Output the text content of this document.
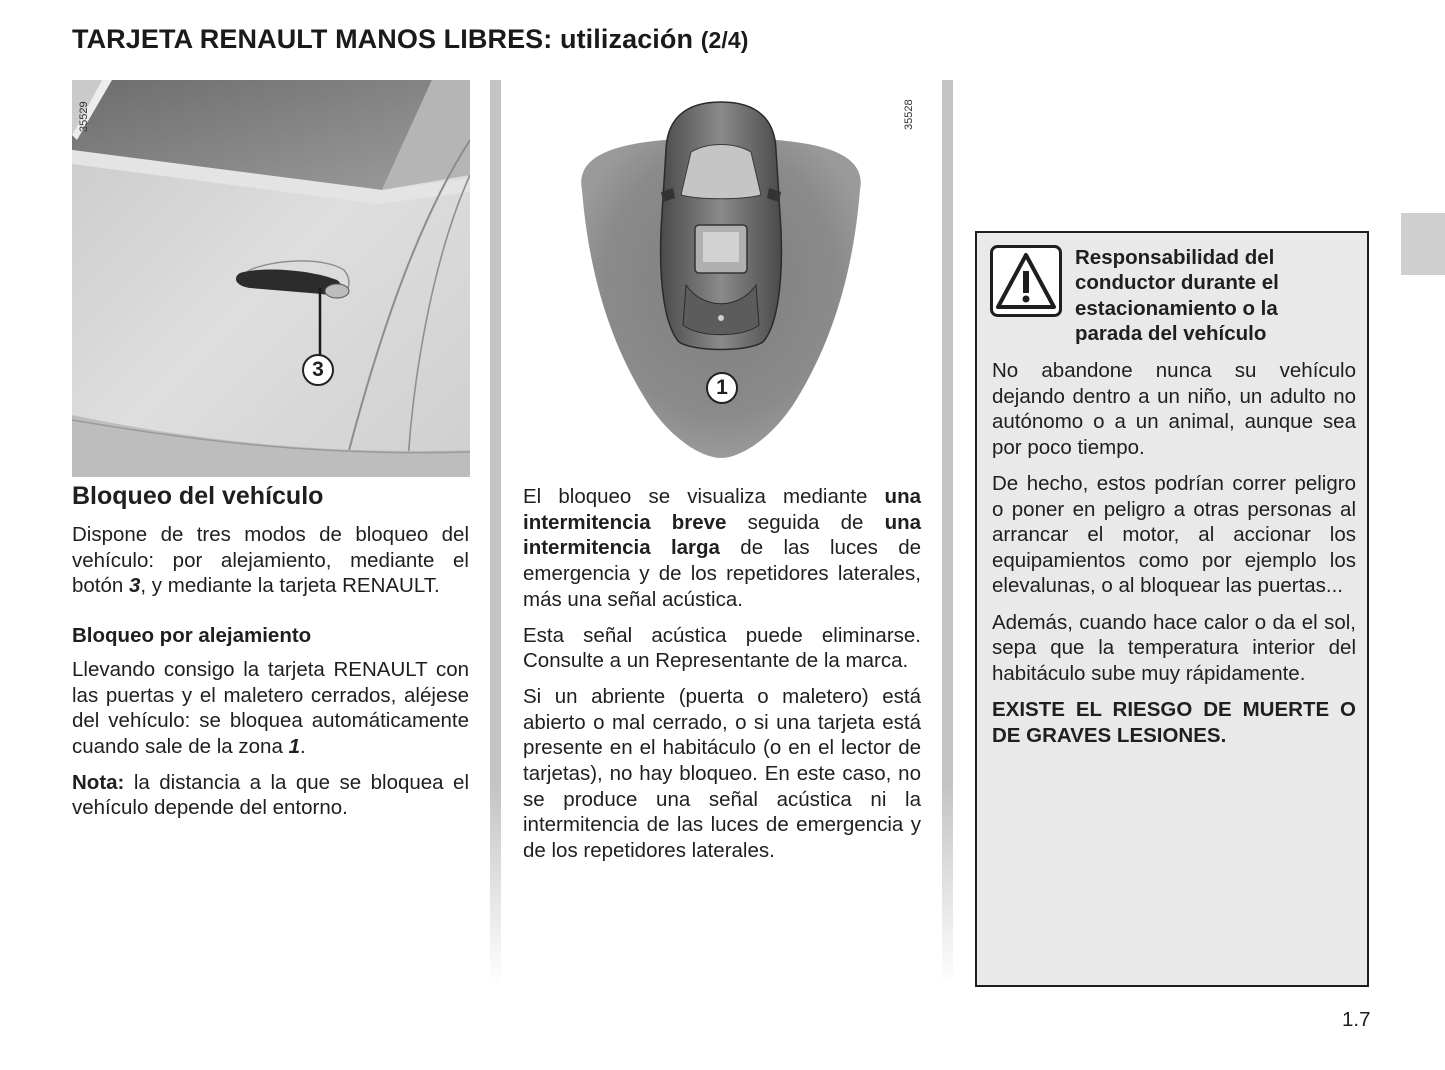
TARJETA RENAULT MANOS LIBRES: utilización (2/4)
35529
3
35528
1
Bloqueo del vehículo

Dispone de tres modos de bloqueo del vehículo: por alejamiento, mediante el botón 3, y mediante la tarjeta RENAULT.

Bloqueo por alejamiento

Llevando consigo la tarjeta RENAULT con las puertas y el maletero cerrados, aléjese del vehículo: se bloquea automáticamente cuando sale de la zona 1.

Nota: la distancia a la que se bloquea el vehículo depende del entorno.

El bloqueo se visualiza mediante una intermitencia breve seguida de una intermitencia larga de las luces de emergencia y de los repetidores laterales, más una señal acústica.

Esta señal acústica puede eliminarse. Consulte a un Representante de la marca.

Si un abriente (puerta o maletero) está abierto o mal cerrado, o si una tarjeta está presente en el habitáculo (o en el lector de tarjetas), no hay bloqueo. En este caso, no se produce una señal acústica ni la intermitencia de las luces de emergencia y de los repetidores laterales.

Responsabilidad del
conductor durante el
estacionamiento o la
parada del vehículo

No abandone nunca su vehículo dejando dentro a un niño, un adulto no autónomo o a un animal, aunque sea por poco tiempo.

De hecho, estos podrían correr peligro o poner en peligro a otras personas al arrancar el motor, al accionar los equipamientos como por ejemplo los elevalunas, o al bloquear las puertas...

Además, cuando hace calor o da el sol, sepa que la temperatura interior del habitáculo sube muy rápidamente.

EXISTE EL RIESGO DE MUERTE O DE GRAVES LESIONES.

1.7
